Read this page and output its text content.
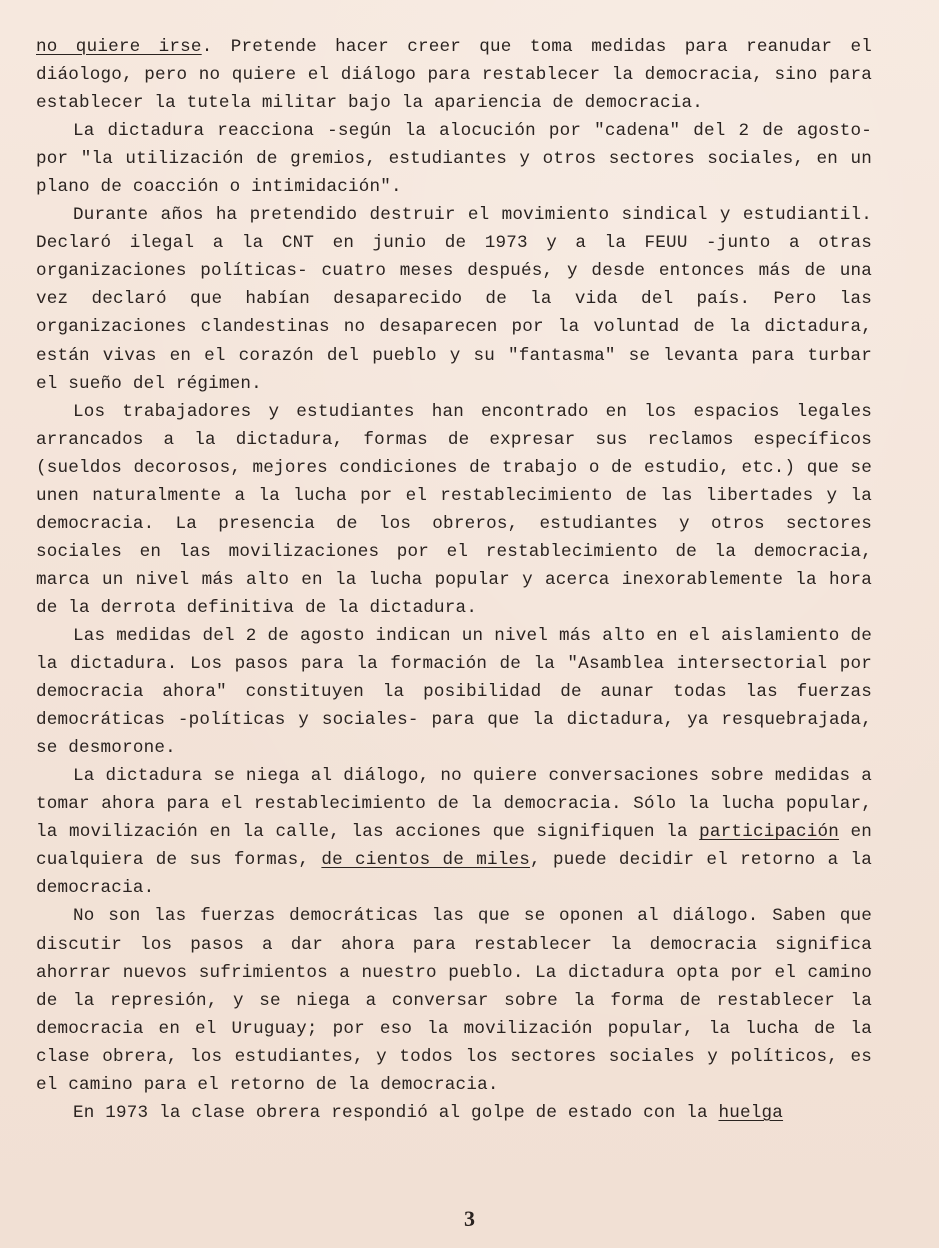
no quiere irse. Pretende hacer creer que toma medidas para reanudar el diáologo, pero no quiere el diálogo para restablecer la democracia, sino para establecer la tutela militar bajo la apariencia de democracia.

La dictadura reacciona -según la alocución por "cadena" del 2 de agosto- por "la utilización de gremios, estudiantes y otros sectores sociales, en un plano de coacción o intimidación".

Durante años ha pretendido destruir el movimiento sindical y estudiantil. Declaró ilegal a la CNT en junio de 1973 y a la FEUU -junto a otras organizaciones políticas- cuatro meses después, y desde entonces más de una vez declaró que habían desaparecido de la vida del país. Pero las organizaciones clandestinas no desaparecen por la voluntad de la dictadura, están vivas en el corazón del pueblo y su "fantasma" se levanta para turbar el sueño del régimen.

Los trabajadores y estudiantes han encontrado en los espacios legales arrancados a la dictadura, formas de expresar sus reclamos específicos (sueldos decorosos, mejores condiciones de trabajo o de estudio, etc.) que se unen naturalmente a la lucha por el restablecimiento de las libertades y la democracia. La presencia de los obreros, estudiantes y otros sectores sociales en las movilizaciones por el restablecimiento de la democracia, marca un nivel más alto en la lucha popular y acerca inexorablemente la hora de la derrota definitiva de la dictadura.

Las medidas del 2 de agosto indican un nivel más alto en el aislamiento de la dictadura. Los pasos para la formación de la "Asamblea intersectorial por democracia ahora" constituyen la posibilidad de aunar todas las fuerzas democráticas -políticas y sociales- para que la dictadura, ya resquebrajada, se desmorone.

La dictadura se niega al diálogo, no quiere conversaciones sobre medidas a tomar ahora para el restablecimiento de la democracia. Sólo la lucha popular, la movilización en la calle, las acciones que signifiquen la participación en cualquiera de sus formas, de cientos de miles, puede decidir el retorno a la democracia.

No son las fuerzas democráticas las que se oponen al diálogo. Saben que discutir los pasos a dar ahora para restablecer la democracia significa ahorrar nuevos sufrimientos a nuestro pueblo. La dictadura opta por el camino de la represión, y se niega a conversar sobre la forma de restablecer la democracia en el Uruguay; por eso la movilización popular, la lucha de la clase obrera, los estudiantes, y todos los sectores sociales y políticos, es el camino para el retorno de la democracia.

En 1973 la clase obrera respondió al golpe de estado con la huelga

3
